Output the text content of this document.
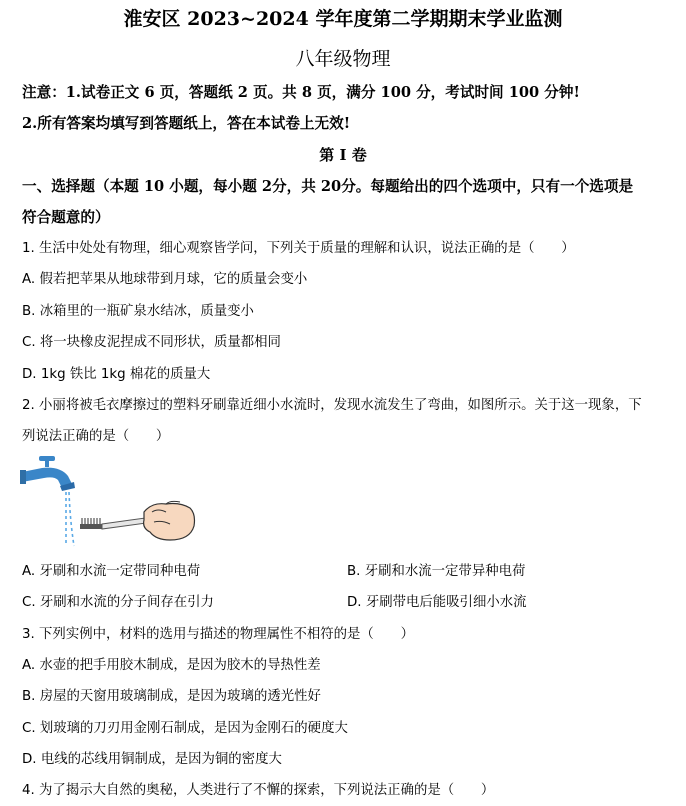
淮安区 2023~2024 学年度第二学期期末学业监测
八年级物理
注意：1.试卷正文 6 页，答题纸 2 页。共 8 页，满分 100 分，考试时间 100 分钟!
2.所有答案均填写到答题纸上，答在本试卷上无效!
第 I 卷
一、选择题（本题 10 小题，每小题 2分，共 20分。每题给出的四个选项中，只有一个选项是
符合题意的）
1. 生活中处处有物理，细心观察皆学问，下列关于质量的理解和认识，说法正确的是（　　）
A. 假若把苹果从地球带到月球，它的质量会变小
B. 冰箱里的一瓶矿泉水结冰，质量变小
C. 将一块橡皮泥捏成不同形状，质量都相同
D. 1kg 铁比 1kg 棉花的质量大
2. 小丽将被毛衣摩擦过的塑料牙刷靠近细小水流时，发现水流发生了弯曲，如图所示。关于这一现象，下
列说法正确的是（　　）
A. 牙刷和水流一定带同种电荷	B. 牙刷和水流一定带异种电荷
C. 牙刷和水流的分子间存在引力	D. 牙刷带电后能吸引细小水流
3. 下列实例中，材料的选用与描述的物理属性不相符的是（　　）
A. 水壶的把手用胶木制成，是因为胶木的导热性差
B. 房屋的天窗用玻璃制成，是因为玻璃的透光性好
C. 划玻璃的刀刃用金刚石制成，是因为金刚石的硬度大
D. 电线的芯线用铜制成，是因为铜的密度大
4. 为了揭示大自然的奥秘，人类进行了不懈的探索，下列说法正确的是（　　）
